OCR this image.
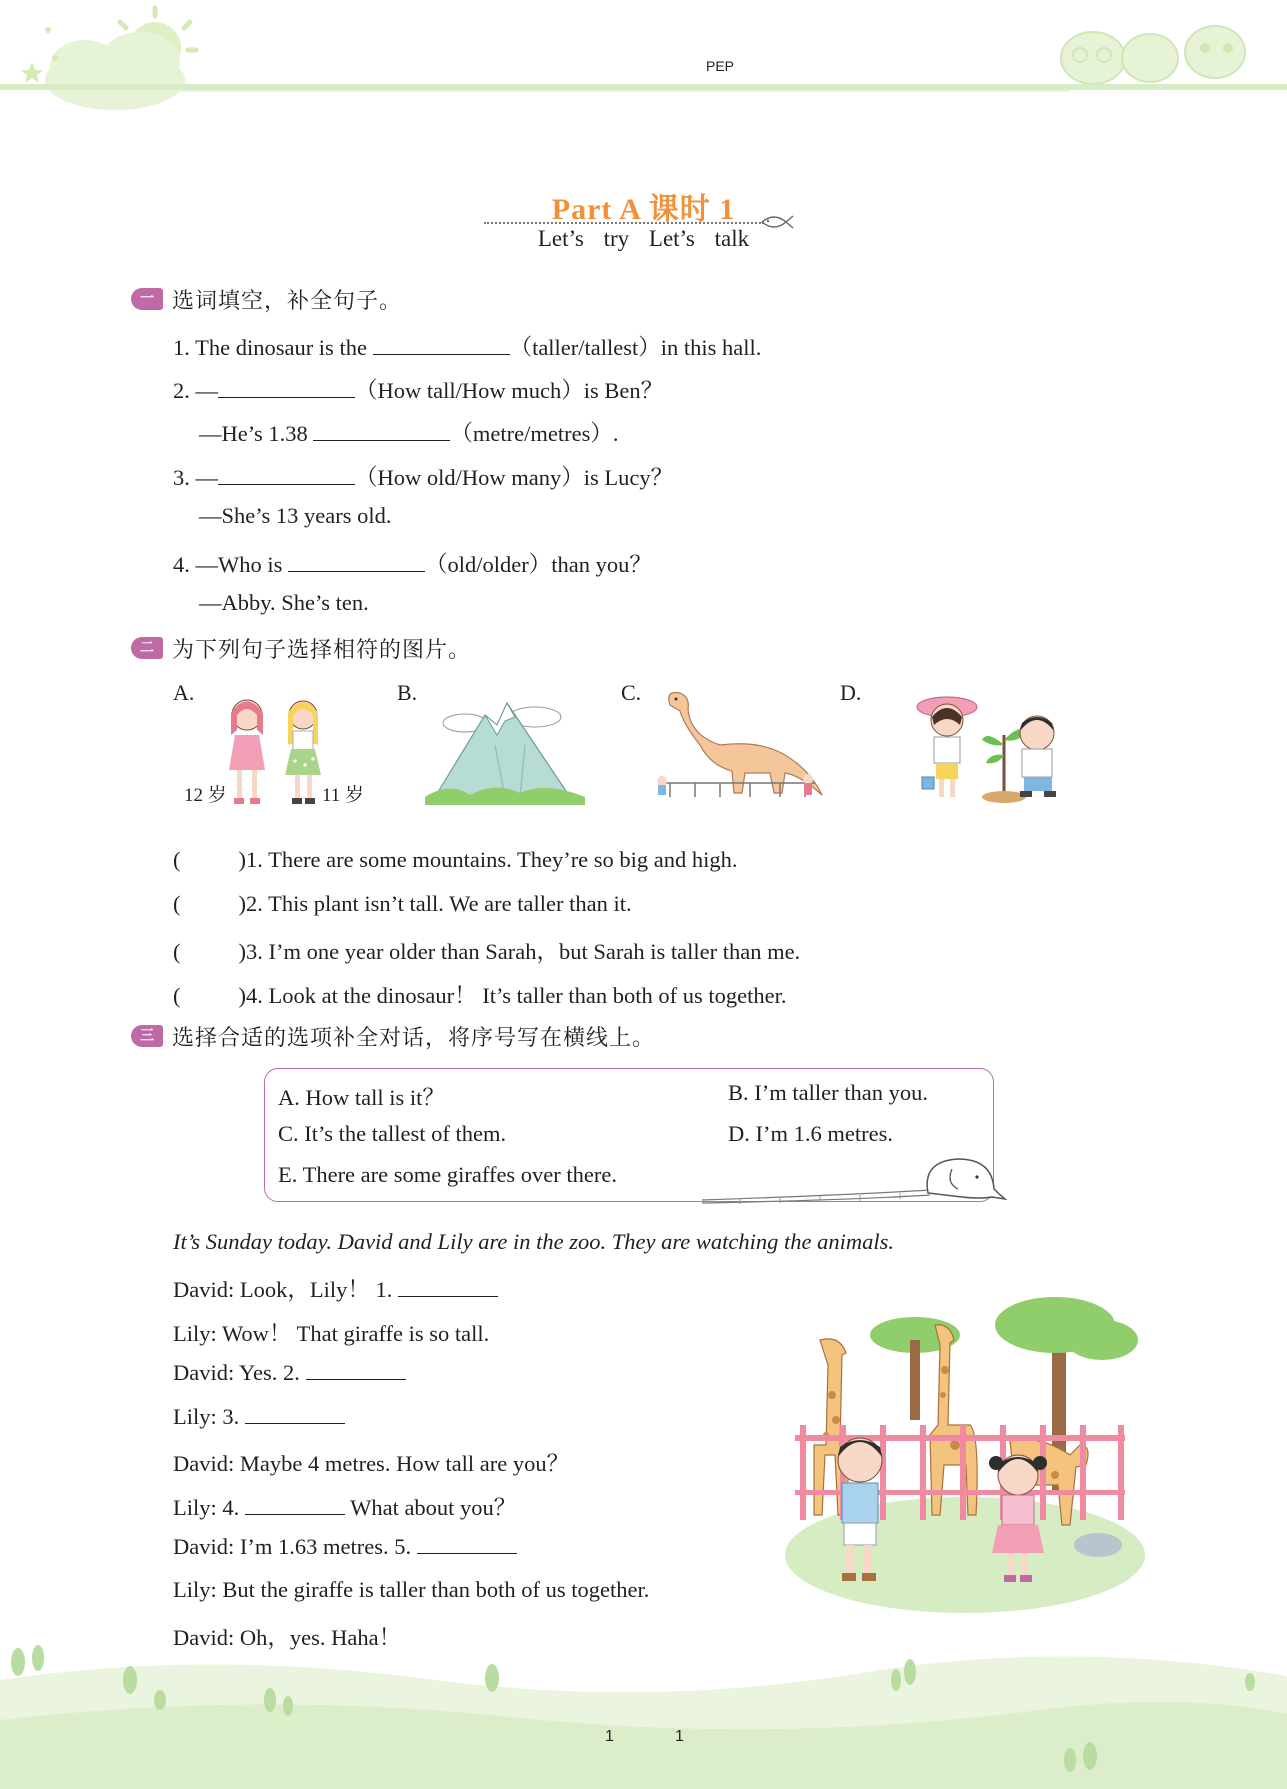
PEP
Part A 课时 1
Let’s try Let’s talk
一 选词填空，补全句子。
1. The dinosaur is the	（taller/tallest）in this hall.
2. —	（How tall/How much）is Ben？
—He’s 1.38	（metre/metres）.
3. —	（How old/How many）is Lucy？
—She’s 13 years old.
4. —Who is	（old/older）than you？
—Abby. She’s ten.
二 为下列句子选择相符的图片。
A.	B.	C.	D.
12 岁	11 岁
(	)1. There are some mountains. They’re so big and high.
(	)2. This plant isn’t tall. We are taller than it.
(	)3. I’m one year older than Sarah，but Sarah is taller than me.
(	)4. Look at the dinosaur！ It’s taller than both of us together.
三 选择合适的选项补全对话，将序号写在横线上。
A. How tall is it？	B. I’m taller than you.
C. It’s the tallest of them.	D. I’m 1.6 metres.
E. There are some giraffes over there.
It’s Sunday today. David and Lily are in the zoo. They are watching the animals.
David: Look，Lily！ 1.
Lily: Wow！ That giraffe is so tall.
David: Yes. 2.
Lily: 3.
David: Maybe 4 metres. How tall are you？
Lily: 4.	What about you？
David: I’m 1.63 metres. 5.
Lily: But the giraffe is taller than both of us together.
David: Oh，yes. Haha！
1	1
